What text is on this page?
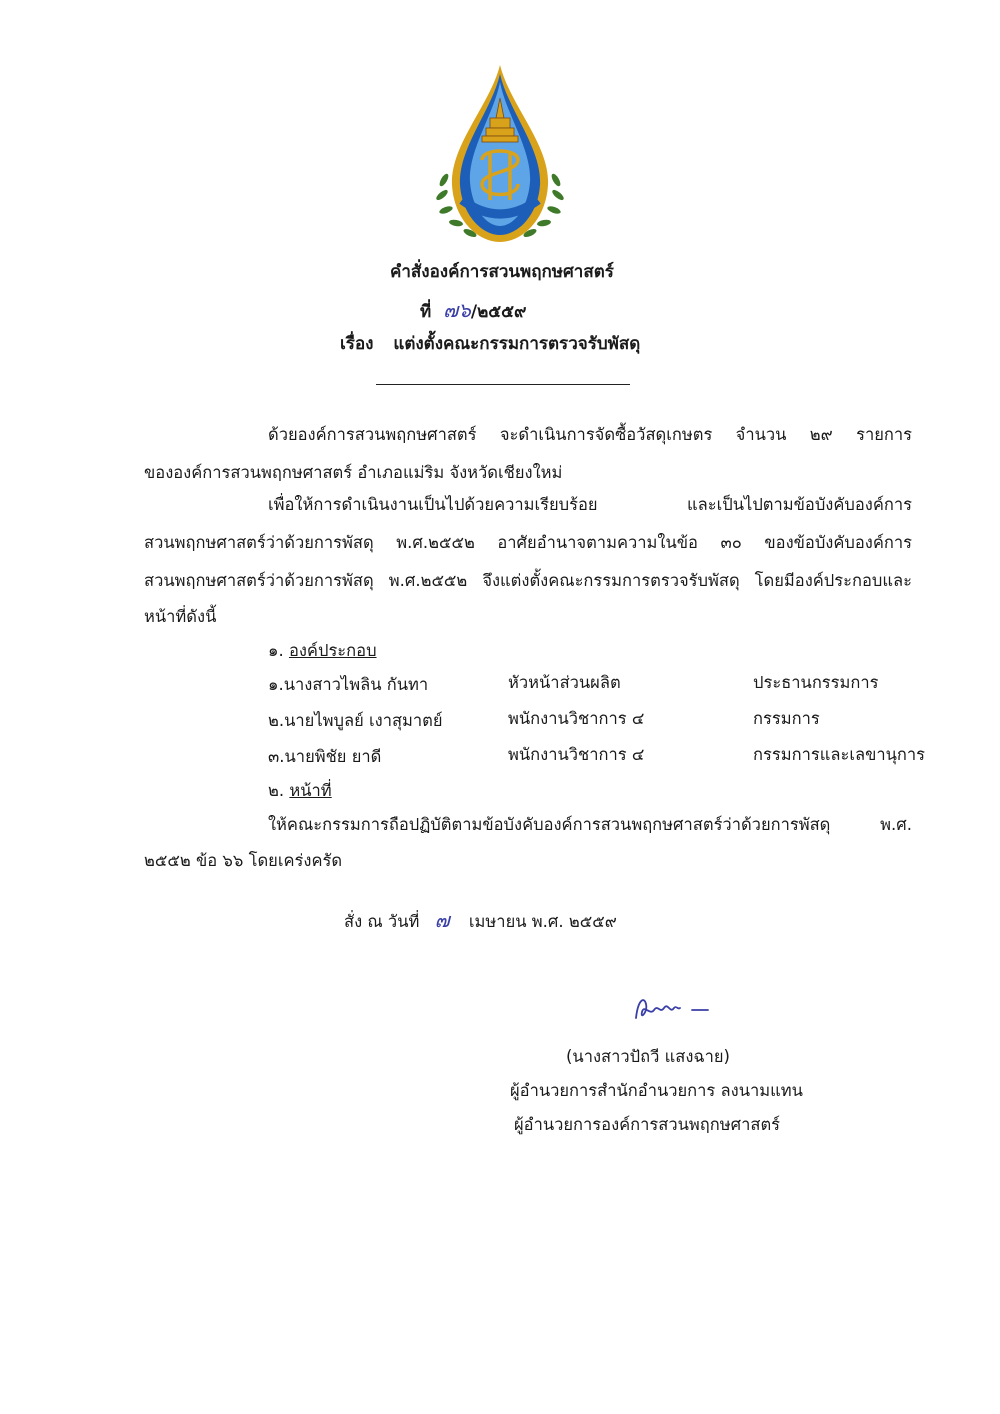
คำสั่งองค์การสวนพฤกษศาสตร์
ที่ ๗๖/๒๕๕๙
เรื่อง แต่งตั้งคณะกรรมการตรวจรับพัสดุ
ด้วยองค์การสวนพฤกษศาสตร์ จะดำเนินการจัดซื้อวัสดุเกษตร จำนวน ๒๙ รายการ
ขององค์การสวนพฤกษศาสตร์ อำเภอแม่ริม จังหวัดเชียงใหม่
เพื่อให้การดำเนินงานเป็นไปด้วยความเรียบร้อย และเป็นไปตามข้อบังคับองค์การ
สวนพฤกษศาสตร์ว่าด้วยการพัสดุ พ.ศ.๒๕๕๒ อาศัยอำนาจตามความในข้อ ๓๐ ของข้อบังคับองค์การ
สวนพฤกษศาสตร์ว่าด้วยการพัสดุ พ.ศ.๒๕๕๒ จึงแต่งตั้งคณะกรรมการตรวจรับพัสดุ โดยมีองค์ประกอบและ
หน้าที่ดังนี้
๑. องค์ประกอบ
๑.นางสาวไพลิน กันทา	หัวหน้าส่วนผลิต	ประธานกรรมการ
๒.นายไพบูลย์ เงาสุมาตย์	พนักงานวิชาการ ๔	กรรมการ
๓.นายพิชัย ยาดี	พนักงานวิชาการ ๔	กรรมการและเลขานุการ
๒. หน้าที่
ให้คณะกรรมการถือปฏิบัติตามข้อบังคับองค์การสวนพฤกษศาสตร์ว่าด้วยการพัสดุ พ.ศ.
๒๕๕๒ ข้อ ๖๖ โดยเคร่งครัด
สั่ง ณ วันที่ ๗ เมษายน พ.ศ. ๒๕๕๙
(นางสาวปัถวี แสงฉาย)
ผู้อำนวยการสำนักอำนวยการ ลงนามแทน
ผู้อำนวยการองค์การสวนพฤกษศาสตร์
